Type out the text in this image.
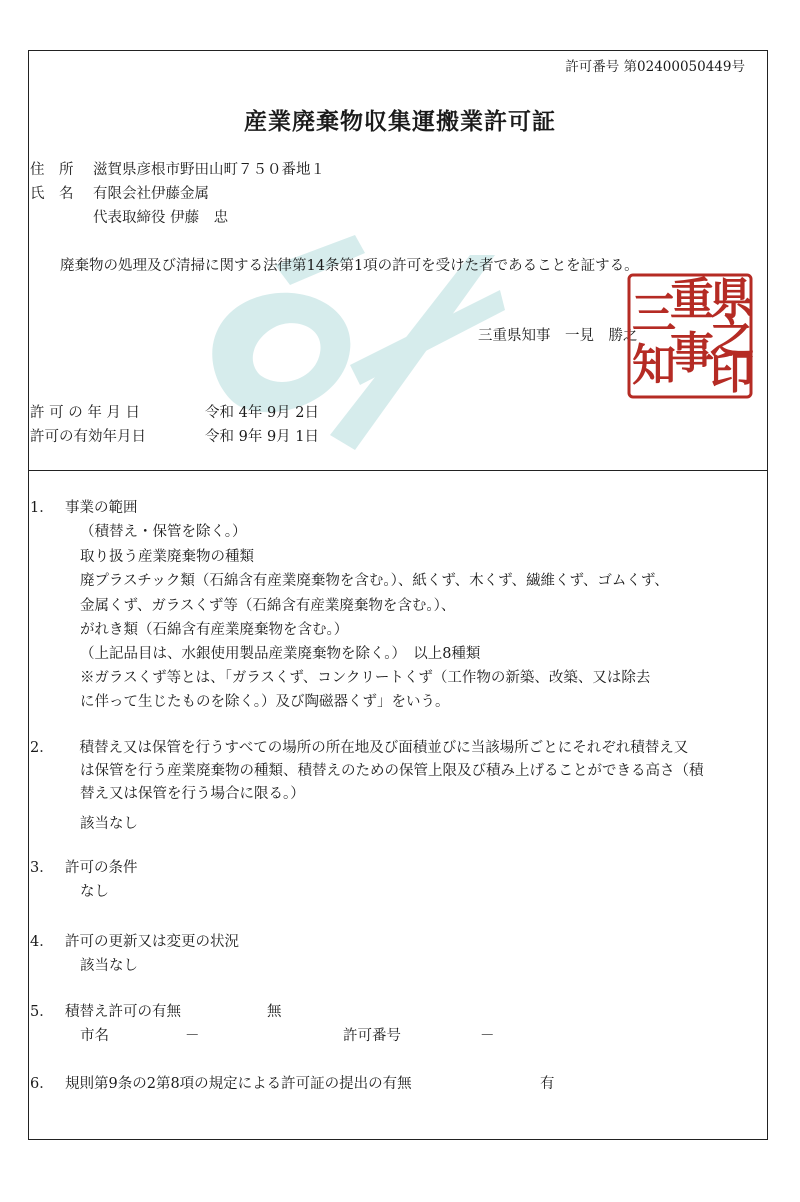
許可番号 第02400050449号
産業廃棄物収集運搬業許可証
住　所 滋賀県彦根市野田山町７５０番地１
氏　名 有限会社伊藤金属
代表取締役 伊藤　忠
廃棄物の処理及び清掃に関する法律第14条第1項の許可を受けた者であることを証する。
三重県知事　一見　勝之
県
之
印
重
事
三
知
許 可 の 年 月 日	令和 4年 9月 2日
許可の有効年月日	令和 9年 9月 1日
1． 事業の範囲
（積替え・保管を除く。）
取り扱う産業廃棄物の種類
廃プラスチック類（石綿含有産業廃棄物を含む。）、紙くず、木くず、繊維くず、ゴムくず、
金属くず、ガラスくず等（石綿含有産業廃棄物を含む。）、
がれき類（石綿含有産業廃棄物を含む。）
（上記品目は、水銀使用製品産業廃棄物を除く。）　以上8種類
※ガラスくず等とは、「ガラスくず、コンクリートくず（工作物の新築、改築、又は除去
に伴って生じたものを除く。）及び陶磁器くず」をいう。
2． 　積替え又は保管を行うすべての場所の所在地及び面積並びに当該場所ごとにそれぞれ積替え又
は保管を行う産業廃棄物の種類、積替えのための保管上限及び積み上げることができる高さ（積
替え又は保管を行う場合に限る。）
該当なし
3． 許可の条件
なし
4． 許可の更新又は変更の状況
該当なし
5． 積替え許可の有無	無
市名	－	許可番号	－
6． 規則第9条の2第8項の規定による許可証の提出の有無	有
